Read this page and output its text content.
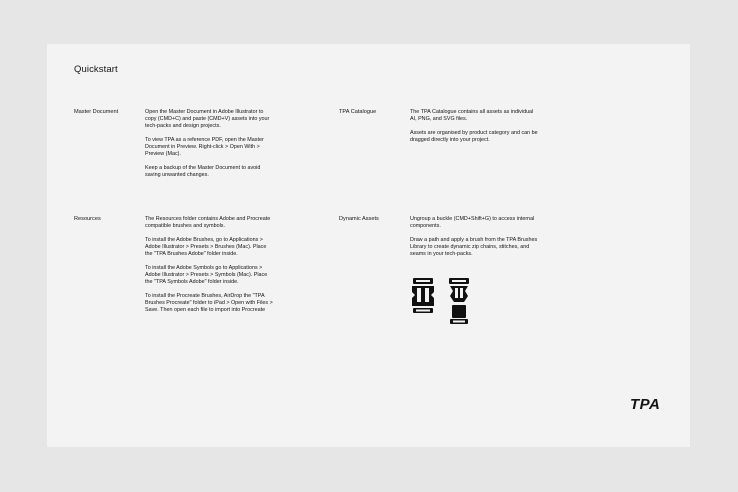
Quickstart
Master Document	Open the Master Document in Adobe Illustrator to copy (CMD+C) and paste (CMD+V) assets into your tech-packs and design projects.

To view TPA as a reference PDF, open the Master Document in Preview. Right-click > Open With > Preview (Mac).

Keep a backup of the Master Document to avoid saving unwanted changes.

TPA Catalogue	The TPA Catalogue contains all assets as individual AI, PNG, and SVG files.

Assets are organised by product category and can be dragged directly into your project.

Resources	The Resources folder contains Adobe and Procreate compatible brushes and symbols.

To install the Adobe Brushes, go to Applications > Adobe Illustrator > Presets > Brushes (Mac). Place the "TPA Brushes Adobe" folder inside.

To install the Adobe Symbols go to Applications > Adobe Illustrator > Presets > Symbols (Mac). Place the "TPA Symbols Adobe" folder inside.

To install the Procreate Brushes, AirDrop the "TPA Brushes Procreate" folder to iPad > Open with Files > Save. Then open each file to import into Procreate

Dynamic Assets	Ungroup a buckle (CMD+Shift+G) to access internal components.

Draw a path and apply a brush from the TPA Brushes Library to create dynamic zip chains, stitches, and seams in your tech-packs.

TPA
